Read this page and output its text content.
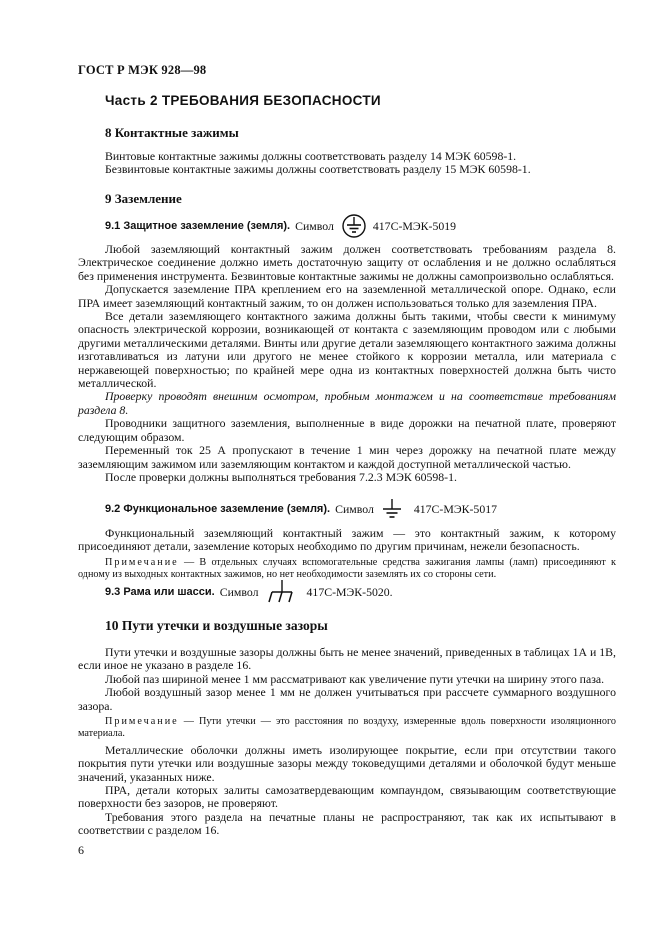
ГОСТ Р МЭК 928—98
Часть 2 ТРЕБОВАНИЯ БЕЗОПАСНОСТИ
8 Контактные зажимы

Винтовые контактные зажимы должны соответствовать разделу 14 МЭК 60598-1.

Безвинтовые контактные зажимы должны соответствовать разделу 15 МЭК 60598-1.

9 Заземление
9.1 Защитное заземление (земля). Символ	417С-МЭК-5019

Любой заземляющий контактный зажим должен соответствовать требованиям раздела 8. Электрическое соединение должно иметь достаточную защиту от ослабления и не должно ослабляться без применения инструмента. Безвинтовые контактные зажимы не должны самопроизвольно ослабляться.

Допускается заземление ПРА креплением его на заземленной металлической опоре. Однако, если ПРА имеет заземляющий контактный зажим, то он должен использоваться только для заземления ПРА.

Все детали заземляющего контактного зажима должны быть такими, чтобы свести к минимуму опасность электрической коррозии, возникающей от контакта с заземляющим проводом или с любыми другими металлическими деталями. Винты или другие детали заземляющего контактного зажима должны изготавливаться из латуни или другого не менее стойкого к коррозии металла, или материала с нержавеющей поверхностью; по крайней мере одна из контактных поверхностей должна быть чисто металлической.

Проверку проводят внешним осмотром, пробным монтажем и на соответствие требованиям раздела 8.

Проводники защитного заземления, выполненные в виде дорожки на печатной плате, проверяют следующим образом.

Переменный ток 25 А пропускают в течение 1 мин через дорожку на печатной плате между заземляющим зажимом или заземляющим контактом и каждой доступной металлической частью.

После проверки должны выполняться требования 7.2.3 МЭК 60598-1.

9.2 Функциональное заземление (земля). Символ	417С-МЭК-5017

Функциональный заземляющий контактный зажим — это контактный зажим, к которому присоединяют детали, заземление которых необходимо по другим причинам, нежели безопасность.

Примечание — В отдельных случаях вспомогательные средства зажигания лампы (ламп) присоединяют к одному из выходных контактных зажимов, но нет необходимости заземлять их со стороны сети.

9.3 Рама или шасси. Символ	417С-МЭК-5020.
10 Пути утечки и воздушные зазоры

Пути утечки и воздушные зазоры должны быть не менее значений, приведенных в таблицах 1А и 1В, если иное не указано в разделе 16.

Любой паз шириной менее 1 мм рассматривают как увеличение пути утечки на ширину этого паза.

Любой воздушный зазор менее 1 мм не должен учитываться при рассчете суммарного воздушного зазора.

Примечание — Пути утечки — это расстояния по воздуху, измеренные вдоль поверхности изоляционного материала.

Металлические оболочки должны иметь изолирующее покрытие, если при отсутствии такого покрытия пути утечки или воздушные зазоры между токоведущими деталями и оболочкой будут меньше значений, указанных ниже.

ПРА, детали которых залиты самозатвердевающим компаундом, связывающим соответствующие поверхности без зазоров, не проверяют.

Требования этого раздела на печатные планы не распространяют, так как их испытывают в соответствии с разделом 16.

6
